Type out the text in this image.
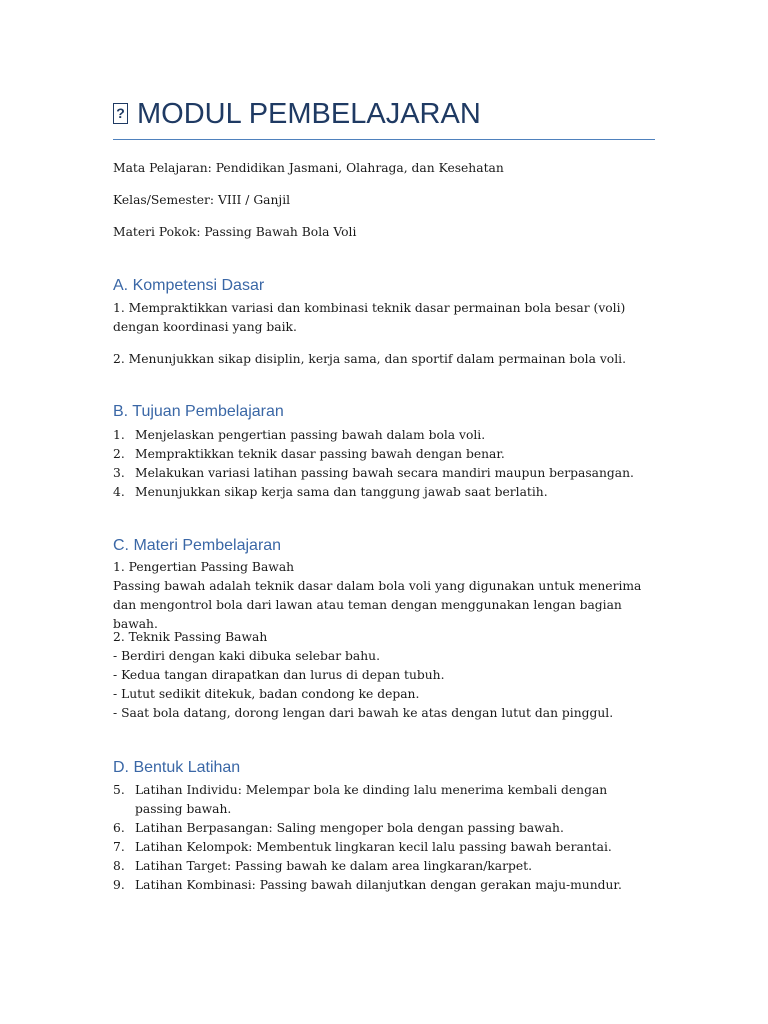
? MODUL PEMBELAJARAN
Mata Pelajaran: Pendidikan Jasmani, Olahraga, dan Kesehatan
Kelas/Semester: VIII / Ganjil
Materi Pokok: Passing Bawah Bola Voli
A. Kompetensi Dasar
1. Mempraktikkan variasi dan kombinasi teknik dasar permainan bola besar (voli) dengan koordinasi yang baik.
2. Menunjukkan sikap disiplin, kerja sama, dan sportif dalam permainan bola voli.
B. Tujuan Pembelajaran
1. Menjelaskan pengertian passing bawah dalam bola voli.
2. Mempraktikkan teknik dasar passing bawah dengan benar.
3. Melakukan variasi latihan passing bawah secara mandiri maupun berpasangan.
4. Menunjukkan sikap kerja sama dan tanggung jawab saat berlatih.
C. Materi Pembelajaran
1. Pengertian Passing Bawah
Passing bawah adalah teknik dasar dalam bola voli yang digunakan untuk menerima dan mengontrol bola dari lawan atau teman dengan menggunakan lengan bagian bawah.
2. Teknik Passing Bawah
- Berdiri dengan kaki dibuka selebar bahu.
- Kedua tangan dirapatkan dan lurus di depan tubuh.
- Lutut sedikit ditekuk, badan condong ke depan.
- Saat bola datang, dorong lengan dari bawah ke atas dengan lutut dan pinggul.
D. Bentuk Latihan
5. Latihan Individu: Melempar bola ke dinding lalu menerima kembali dengan passing bawah.
6. Latihan Berpasangan: Saling mengoper bola dengan passing bawah.
7. Latihan Kelompok: Membentuk lingkaran kecil lalu passing bawah berantai.
8. Latihan Target: Passing bawah ke dalam area lingkaran/karpet.
9. Latihan Kombinasi: Passing bawah dilanjutkan dengan gerakan maju-mundur.
